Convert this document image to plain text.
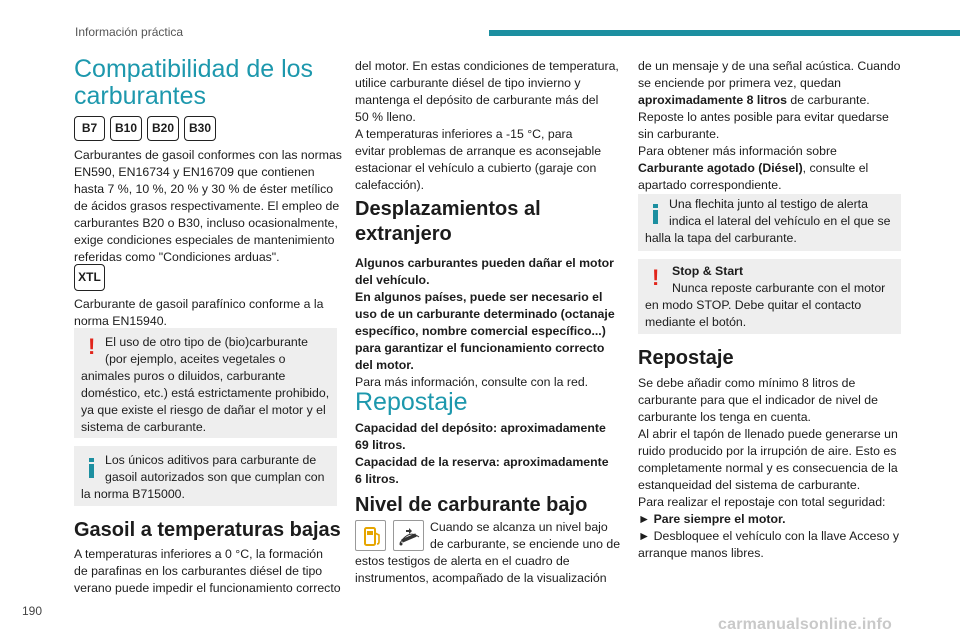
Información práctica
Compatibilidad de los
carburantes
B7	B10	B20	B30

Carburantes de gasoil conformes con las normas

EN590, EN16734 y EN16709 que contienen

hasta 7 %, 10 %, 20 % y 30 % de éster metílico

de ácidos grasos respectivamente. El empleo de

carburantes B20 o B30, incluso ocasionalmente,

exige condiciones especiales de mantenimiento

referidas como "Condiciones arduas".

XTL

Carburante de gasoil parafínico conforme a la

norma EN15940.

! El uso de otro tipo de (bio)carburante

(por ejemplo, aceites vegetales o

animales puros o diluidos, carburante

doméstico, etc.) está estrictamente prohibido,

ya que existe el riesgo de dañar el motor y el

sistema de carburante.

Los únicos aditivos para carburante de

gasoil autorizados son que cumplan con

la norma B715000.

Gasoil a temperaturas bajas

A temperaturas inferiores a 0 °C, la formación

de parafinas en los carburantes diésel de tipo

verano puede impedir el funcionamiento correcto

del motor. En estas condiciones de temperatura,

utilice carburante diésel de tipo invierno y

mantenga el depósito de carburante más del

50 % lleno.

A temperaturas inferiores a -15 °C, para

evitar problemas de arranque es aconsejable

estacionar el vehículo a cubierto (garaje con

calefacción).

Desplazamientos al
extranjero

Algunos carburantes pueden dañar el motor

del vehículo.

En algunos países, puede ser necesario el

uso de un carburante determinado (octanaje

específico, nombre comercial específico...)

para garantizar el funcionamiento correcto

del motor.

Para más información, consulte con la red.

Repostaje

Capacidad del depósito: aproximadamente

69 litros.

Capacidad de la reserva: aproximadamente

6 litros.

Nivel de carburante bajo

Cuando se alcanza un nivel bajo

de carburante, se enciende uno de

estos testigos de alerta en el cuadro de

instrumentos, acompañado de la visualización

de un mensaje y de una señal acústica. Cuando

se enciende por primera vez, quedan

aproximadamente 8 litros de carburante.

Reposte lo antes posible para evitar quedarse

sin carburante.

Para obtener más información sobre

Carburante agotado (Diésel), consulte el

apartado correspondiente.

Una flechita junto al testigo de alerta

indica el lateral del vehículo en el que se

halla la tapa del carburante.

!	Stop & Start

Nunca reposte carburante con el motor

en modo STOP. Debe quitar el contacto

mediante el botón.

Repostaje

Se debe añadir como mínimo 8 litros de

carburante para que el indicador de nivel de

carburante los tenga en cuenta.

Al abrir el tapón de llenado puede generarse un

ruido producido por la irrupción de aire. Esto es

completamente normal y es consecuencia de la

estanqueidad del sistema de carburante.

Para realizar el repostaje con total seguridad:

► Pare siempre el motor.

► Desbloquee el vehículo con la llave Acceso y

arranque manos libres.

190
carmanualsonline.info
